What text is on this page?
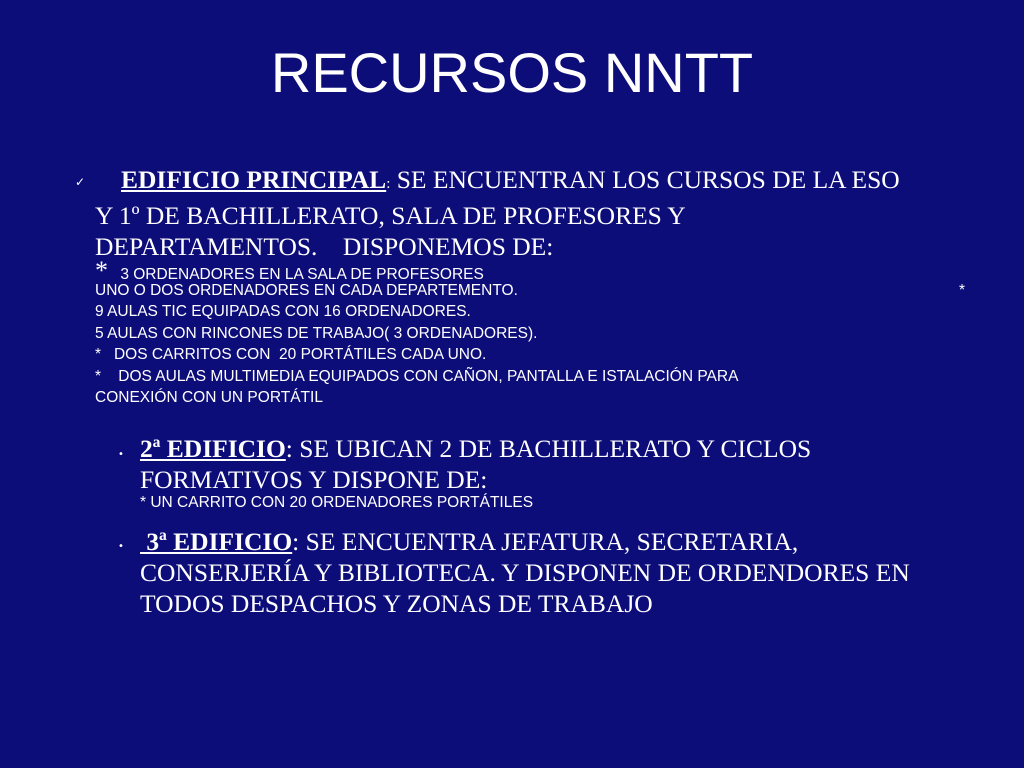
RECURSOS NNTT
✓	EDIFICIO PRINCIPAL: SE ENCUENTRAN LOS CURSOS DE LA ESO
Y 1º DE BACHILLERATO, SALA DE PROFESORES Y
DEPARTAMENTOS.    DISPONEMOS DE:
* 3 ORDENADORES EN LA SALA DE PROFESORES
UNO O DOS ORDENADORES EN CADA DEPARTEMENTO.	*
9 AULAS TIC EQUIPADAS CON 16 ORDENADORES.
5 AULAS CON RINCONES DE TRABAJO( 3 ORDENADORES).
*   DOS CARRITOS CON  20 PORTÁTILES CADA UNO.
*    DOS AULAS MULTIMEDIA EQUIPADOS CON CAÑON, PANTALLA E ISTALACIÓN PARA
CONEXIÓN CON UN PORTÁTIL
• 2ª EDIFICIO: SE UBICAN 2 DE BACHILLERATO Y CICLOS
FORMATIVOS Y DISPONE DE:
* UN CARRITO CON 20 ORDENADORES PORTÁTILES
• 3ª EDIFICIO: SE ENCUENTRA JEFATURA, SECRETARIA,
CONSERJERÍA Y BIBLIOTECA. Y DISPONEN DE ORDENDORES EN
TODOS DESPACHOS Y ZONAS DE TRABAJO
